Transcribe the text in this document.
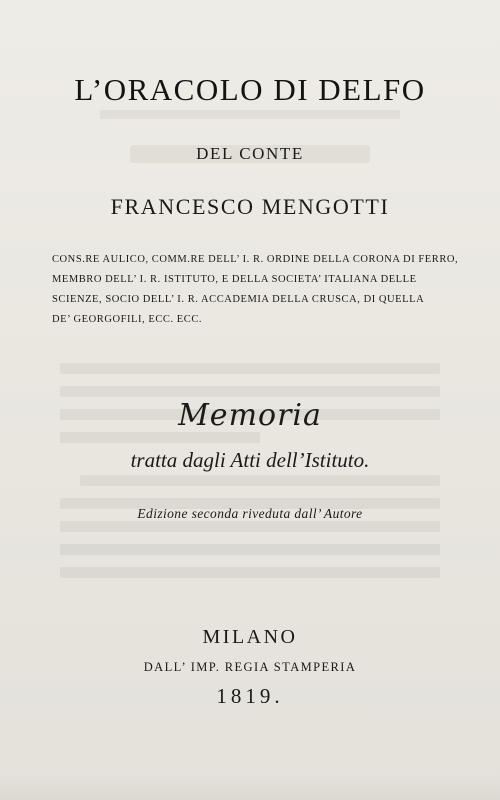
L’ORACOLO DI DELFO
DEL CONTE
FRANCESCO MENGOTTI
CONS.RE AULICO, COMM.RE DELL’ I. R. ORDINE DELLA CORONA DI FERRO,
MEMBRO DELL’ I. R. ISTITUTO, E DELLA SOCIETA’ ITALIANA DELLE
SCIENZE, SOCIO DELL’ I. R. ACCADEMIA DELLA CRUSCA, DI QUELLA
DE’ GEORGOFILI, ECC. ECC.
Memoria
tratta dagli Atti dell’Istituto.
Edizione seconda riveduta dall’ Autore
MILANO
DALL’ IMP. REGIA STAMPERIA
1819.
